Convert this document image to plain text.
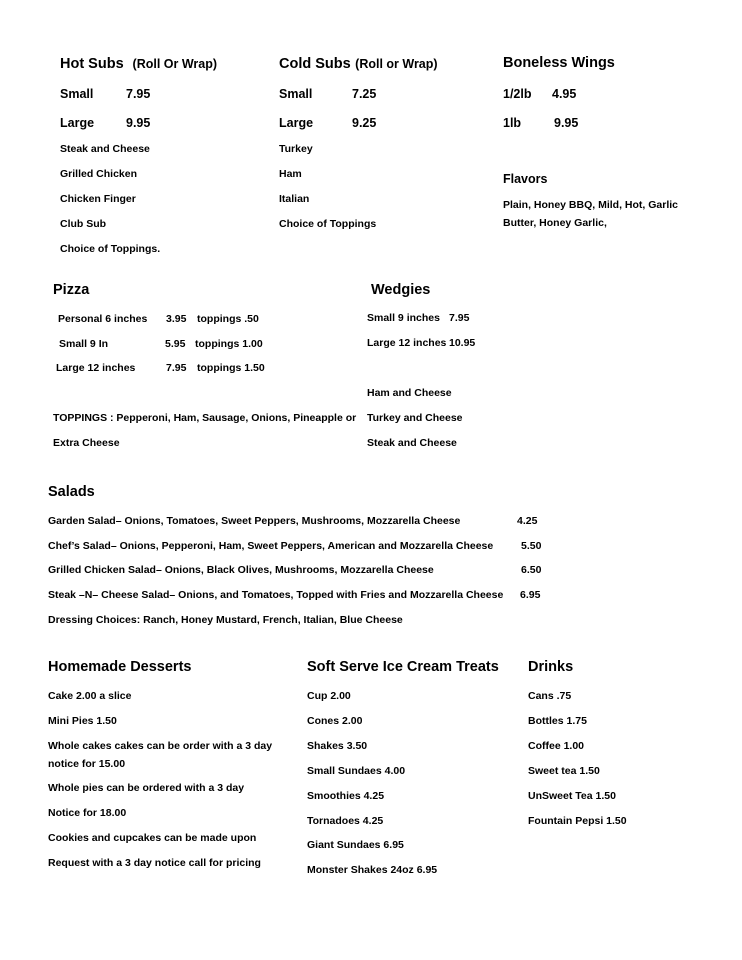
Hot Subs (Roll Or Wrap)
Small	7.95
Large	9.95
Steak and Cheese
Grilled Chicken
Chicken Finger
Club Sub
Choice of Toppings.
Cold Subs (Roll or Wrap)
Small	7.25
Large	9.25
Turkey
Ham
Italian
Choice of Toppings
Boneless Wings
1/2lb 4.95
1lb	9.95
Flavors
Plain, Honey BBQ, Mild, Hot, Garlic
Butter, Honey Garlic,
Pizza
Personal 6 inches 3.95 toppings .50
Small 9 In	5.95 toppings 1.00
Large 12 inches	7.95 toppings 1.50
TOPPINGS : Pepperoni, Ham, Sausage, Onions, Pineapple or
Extra Cheese
Wedgies
Small 9 inches 7.95
Large 12 inches 10.95
Ham and Cheese
Turkey and Cheese
Steak and Cheese
Salads
Garden Salad– Onions, Tomatoes, Sweet Peppers, Mushrooms, Mozzarella Cheese	4.25
Chef’s Salad– Onions, Pepperoni, Ham, Sweet Peppers, American and Mozzarella Cheese	5.50
Grilled Chicken Salad– Onions, Black Olives, Mushrooms, Mozzarella Cheese	6.50
Steak –N– Cheese Salad– Onions, and Tomatoes, Topped with Fries and Mozzarella Cheese 6.95
Dressing Choices: Ranch, Honey Mustard, French, Italian, Blue Cheese
Homemade Desserts
Cake 2.00 a slice
Mini Pies 1.50
Whole cakes cakes can be order with a 3 day
notice for 15.00
Whole pies can be ordered with a 3 day
Notice for 18.00
Cookies and cupcakes can be made upon
Request with a 3 day notice call for pricing
Soft Serve Ice Cream Treats
Cup 2.00
Cones 2.00
Shakes 3.50
Small Sundaes 4.00
Smoothies 4.25
Tornadoes 4.25
Giant Sundaes 6.95
Monster Shakes 24oz 6.95
Drinks
Cans .75
Bottles 1.75
Coffee 1.00
Sweet tea 1.50
UnSweet Tea 1.50
Fountain Pepsi 1.50
